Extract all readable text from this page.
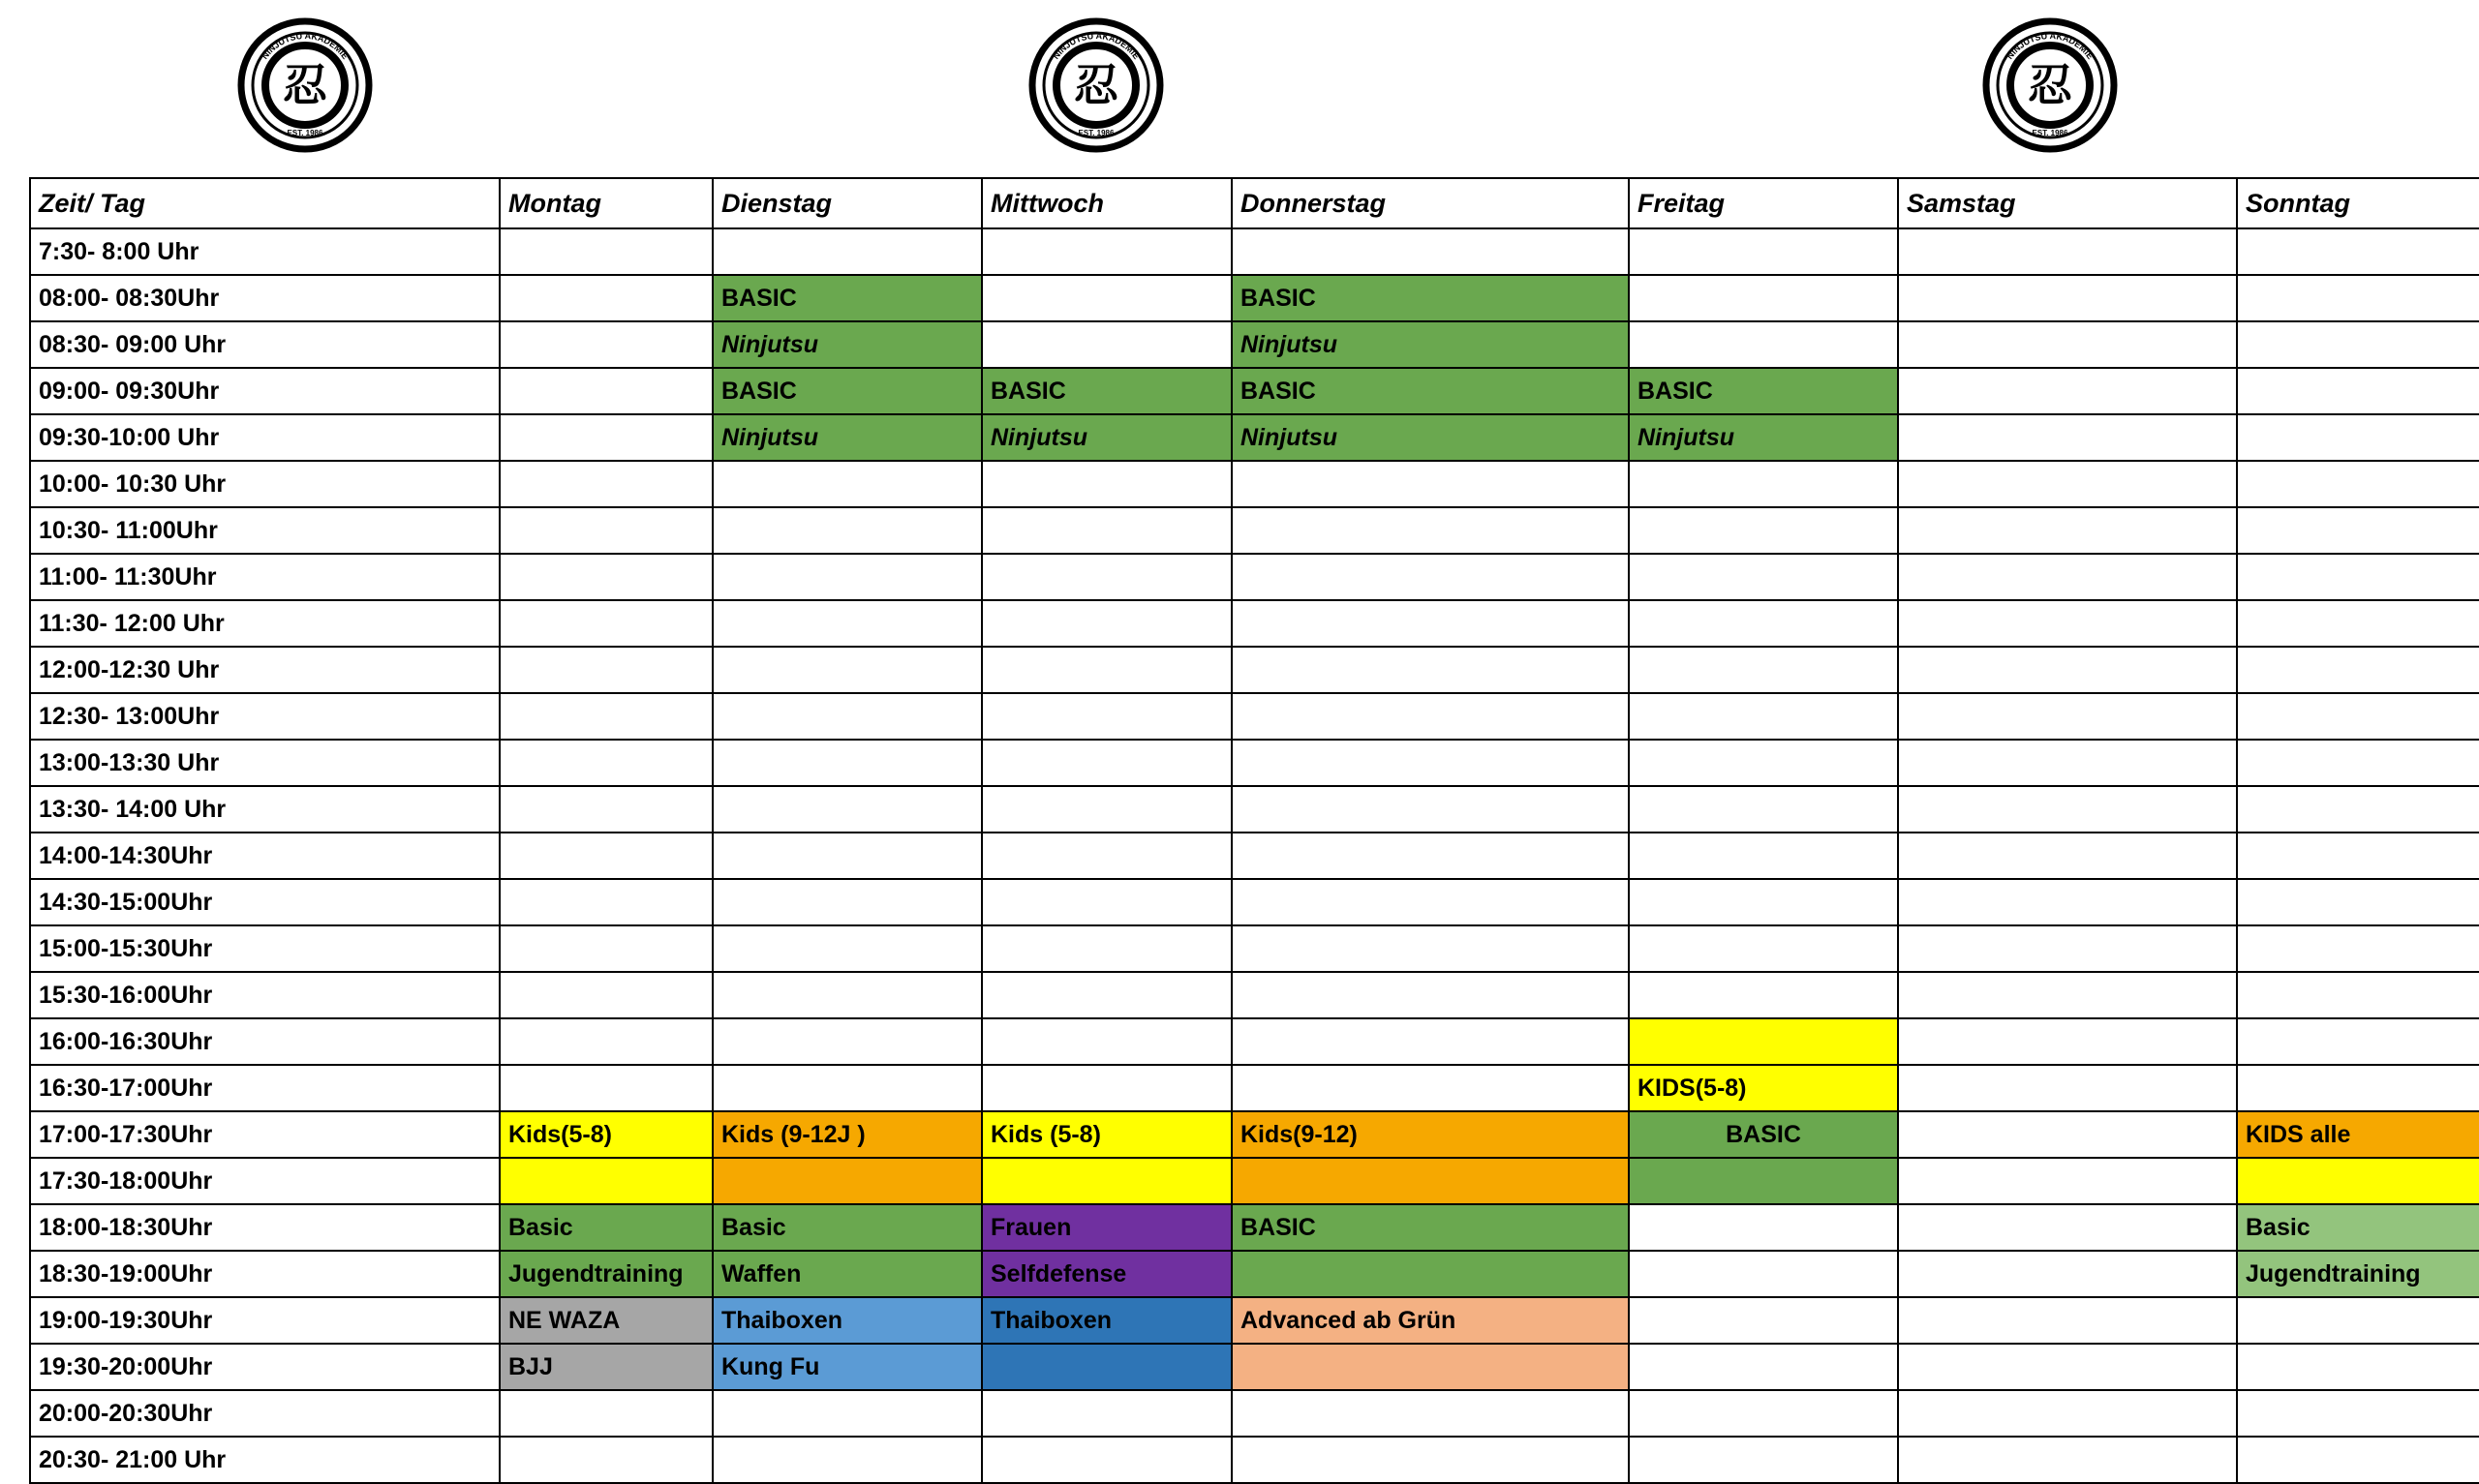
NINJUTSU AKADEMIE
忍
EST. 1986
NINJUTSU AKADEMIE
忍
EST. 1986
NINJUTSU AKADEMIE
忍
EST. 1986
Zeit/ Tag	Montag	Dienstag	Mittwoch	Donnerstag	Freitag	Samstag	Sonntag
7:30- 8:00 Uhr							
08:00- 08:30Uhr		BASIC		BASIC			
08:30- 09:00 Uhr		Ninjutsu		Ninjutsu			
09:00- 09:30Uhr		BASIC	BASIC	BASIC	BASIC		
09:30-10:00 Uhr		Ninjutsu	Ninjutsu	Ninjutsu	Ninjutsu		
10:00- 10:30 Uhr							
10:30- 11:00Uhr							
11:00- 11:30Uhr							
11:30- 12:00 Uhr							
12:00-12:30 Uhr							
12:30- 13:00Uhr							
13:00-13:30 Uhr							
13:30- 14:00 Uhr							
14:00-14:30Uhr							
14:30-15:00Uhr							
15:00-15:30Uhr							
15:30-16:00Uhr							
16:00-16:30Uhr							
16:30-17:00Uhr					KIDS(5-8)		
17:00-17:30Uhr	Kids(5-8)	Kids (9-12J )	Kids (5-8)	Kids(9-12)	BASIC		KIDS alle
17:30-18:00Uhr							
18:00-18:30Uhr	Basic	Basic	Frauen	BASIC			Basic
18:30-19:00Uhr	Jugendtraining	Waffen	Selfdefense				Jugendtraining
19:00-19:30Uhr	NE WAZA	Thaiboxen	Thaiboxen	Advanced ab Grün			
19:30-20:00Uhr	BJJ	Kung Fu					
20:00-20:30Uhr							
20:30- 21:00 Uhr							
